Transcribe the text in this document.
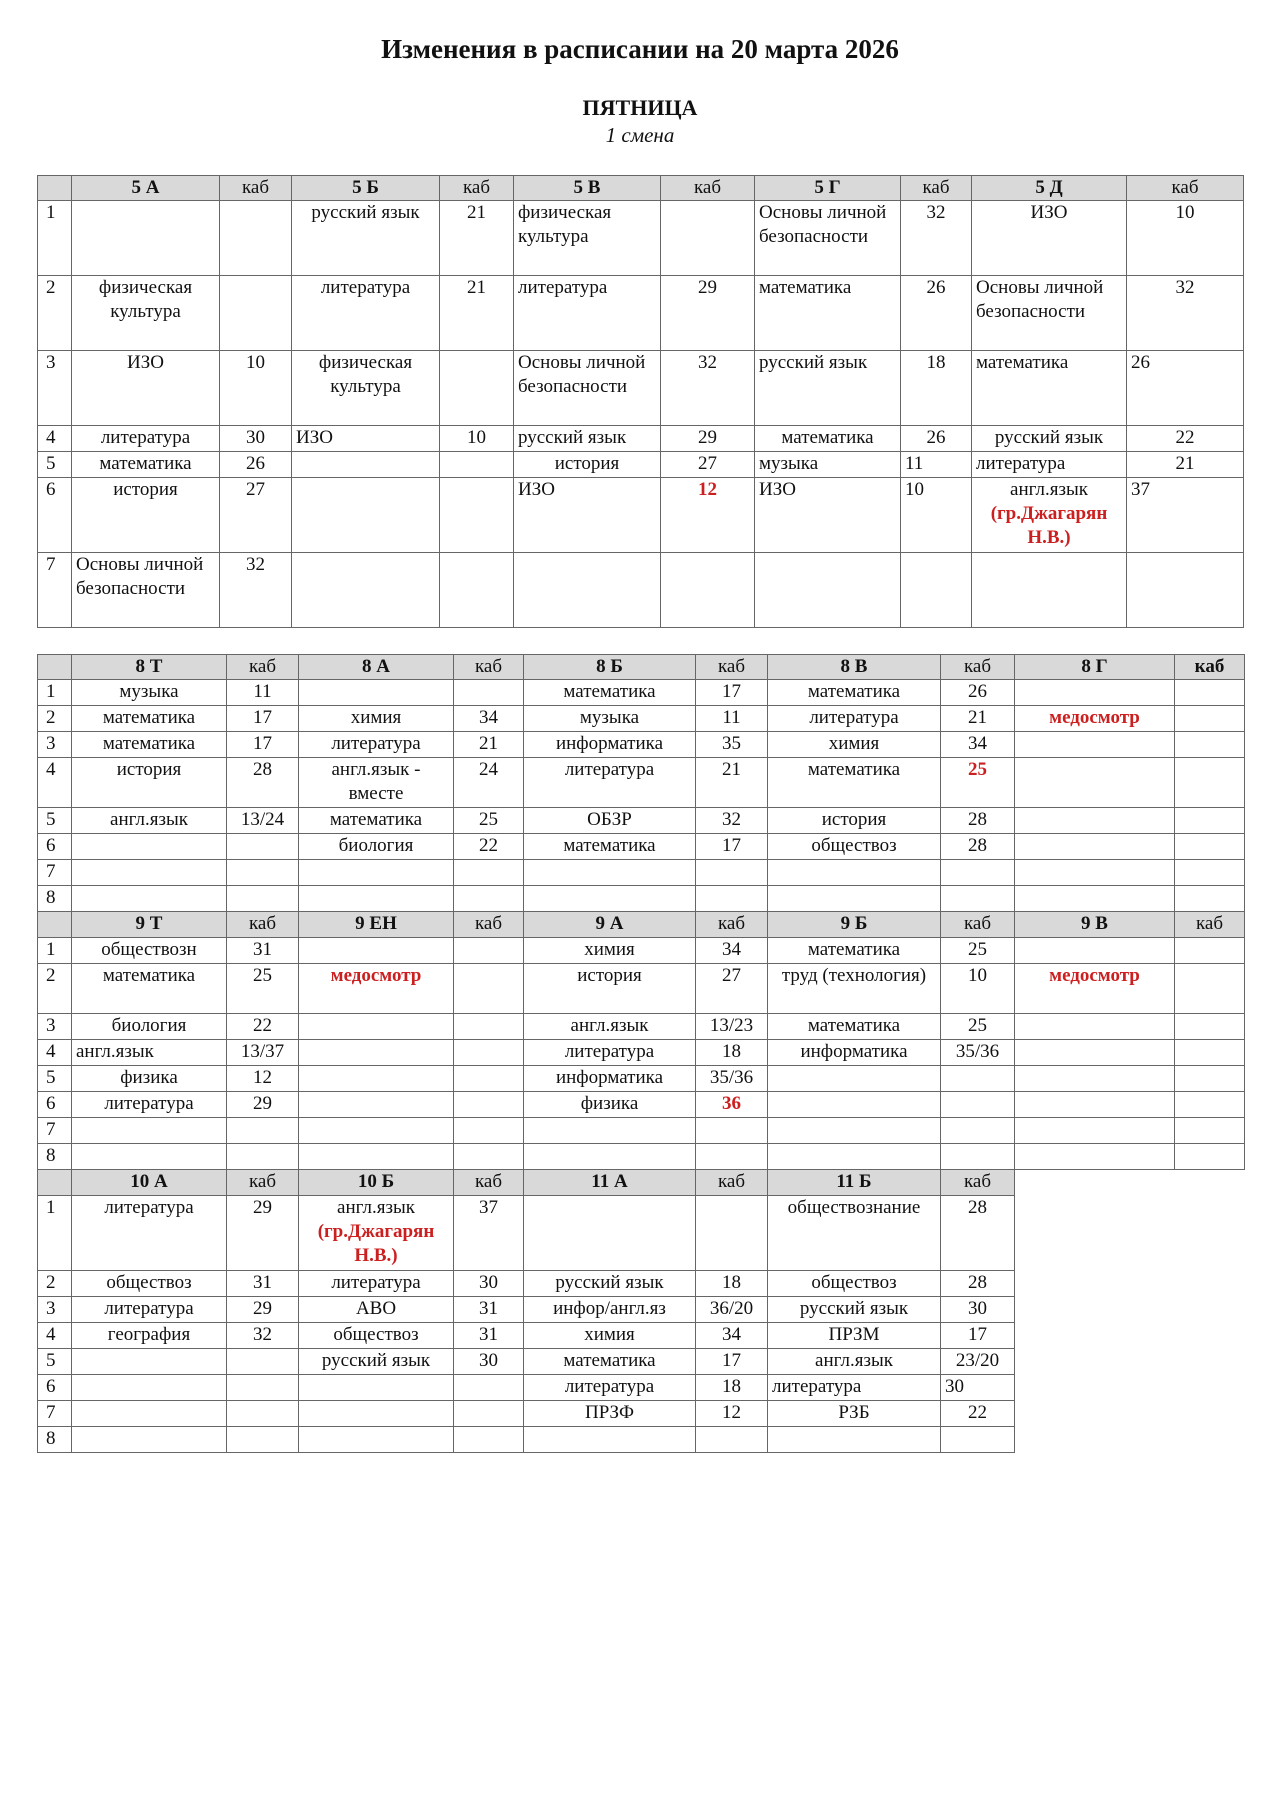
Изменения в расписании на 20 марта 2026
ПЯТНИЦА
1 смена
	5 А	каб	5 Б	каб	5 В	каб	5 Г	каб	5 Д	каб
1			русский язык	21	физическая культура		Основы личной безопасности	32	ИЗО	10
2	физическая культура		литература	21	литература	29	математика	26	Основы личной безопасности	32
3	ИЗО	10	физическая культура		Основы личной безопасности	32	русский язык	18	математика	26
4	литература	30	ИЗО	10	русский язык	29	математика	26	русский язык	22
5	математика	26			история	27	музыка	11	литература	21
6	история	27			ИЗО	12	ИЗО	10	англ.язык
(гр.Джагарян Н.В.)	37
7	Основы личной безопасности	32								
	8 Т	каб	8 А	каб	8 Б	каб	8 В	каб	8 Г	каб
1	музыка	11			математика	17	математика	26		
2	математика	17	химия	34	музыка	11	литература	21	медосмотр	
3	математика	17	литература	21	информатика	35	химия	34		
4	история	28	англ.язык - вместе	24	литература	21	математика	25		
5	англ.язык	13/24	математика	25	ОБЗР	32	история	28		
6			биология	22	математика	17	обществоз	28		
7										
8										
	9 Т	каб	9 ЕН	каб	9 А	каб	9 Б	каб	9 В	каб
1	обществозн	31			химия	34	математика	25		
2	математика	25	медосмотр		история	27	труд (технология)	10	медосмотр	
3	биология	22			англ.язык	13/23	математика	25		
4	англ.язык	13/37			литература	18	информатика	35/36		
5	физика	12			информатика	35/36				
6	литература	29			физика	36				
7										
8										
	10 А	каб	10 Б	каб	11 А	каб	11 Б	каб		
1	литература	29	англ.язык
(гр.Джагарян Н.В.)	37			обществознание	28		
2	обществоз	31	литература	30	русский язык	18	обществоз	28		
3	литература	29	АВО	31	инфор/англ.яз	36/20	русский язык	30		
4	география	32	обществоз	31	химия	34	ПРЗМ	17		
5			русский язык	30	математика	17	англ.язык	23/20		
6					литература	18	литература	30		
7					ПРЗФ	12	РЗБ	22		
8										
